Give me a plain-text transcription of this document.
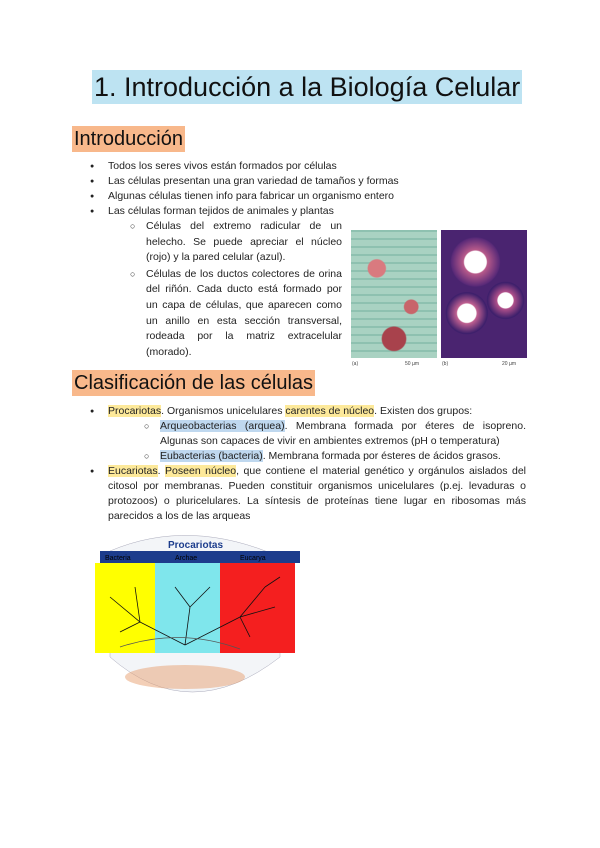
1. Introducción a la Biología Celular
Introducción
● Todos los seres vivos están formados por células
● Las células presentan una gran variedad de tamaños y formas
● Algunas células tienen info para fabricar un organismo entero
● Las células forman tejidos de animales y plantas
○ Células del extremo radicular de un helecho. Se puede apreciar el núcleo (rojo) y la pared celular (azul).
○ Células de los ductos colectores de orina del riñón. Cada ducto está formado por un capa de células, que aparecen como un anillo en esta sección transversal, rodeada por la matriz extracelular (morado).
(a)	50 µm	(b)	20 µm
Clasificación de las células
● Procariotas. Organismos unicelulares carentes de núcleo. Existen dos grupos:
○ Arqueobacterias (arquea). Membrana formada por éteres de isopreno. Algunas son capaces de vivir en ambientes extremos (pH o temperatura)
○ Eubacterias (bacteria). Membrana formada por ésteres de ácidos grasos.
● Eucariotas. Poseen núcleo, que contiene el material genético y orgánulos aislados del citosol por membranas. Pueden constituir organismos unicelulares (p.ej. levaduras o protozoos) o pluricelulares. La síntesis de proteínas tiene lugar en ribosomas más parecidos a los de las arqueas
Procariotas
Bacteria	Archae	Eucarya
